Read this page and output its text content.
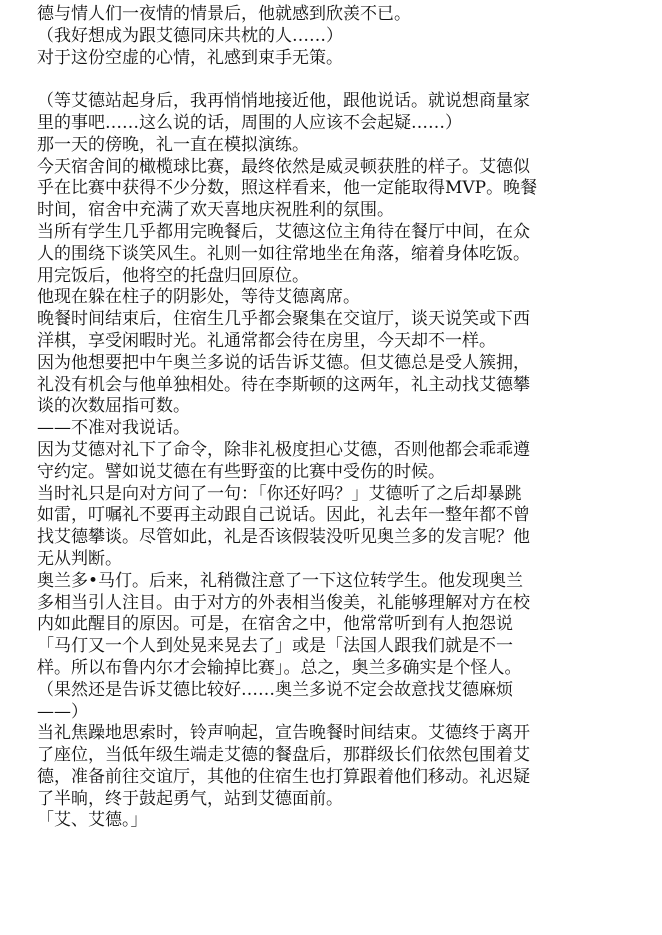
德与情人们一夜情的情景后，他就感到欣羡不已。
（我好想成为跟艾德同床共枕的人……）
对于这份空虚的心情，礼感到束手无策。
（等艾德站起身后，我再悄悄地接近他，跟他说话。就说想商量家
里的事吧……这么说的话，周围的人应该不会起疑……）
那一天的傍晚，礼一直在模拟演练。
今天宿舍间的橄榄球比赛，最终依然是威灵顿获胜的样子。艾德似
乎在比赛中获得不少分数，照这样看来，他一定能取得MVP。晚餐
时间，宿舍中充满了欢天喜地庆祝胜利的氛围。
当所有学生几乎都用完晚餐后，艾德这位主角待在餐厅中间，在众
人的围绕下谈笑风生。礼则一如往常地坐在角落，缩着身体吃饭。
用完饭后，他将空的托盘归回原位。
他现在躲在柱子的阴影处，等待艾德离席。
晚餐时间结束后，住宿生几乎都会聚集在交谊厅，谈天说笑或下西
洋棋，享受闲暇时光。礼通常都会待在房里，今天却不一样。
因为他想要把中午奥兰多说的话告诉艾德。但艾德总是受人簇拥，
礼没有机会与他单独相处。待在李斯顿的这两年，礼主动找艾德攀
谈的次数屈指可数。
——不准对我说话。
因为艾德对礼下了命令，除非礼极度担心艾德，否则他都会乖乖遵
守约定。譬如说艾德在有些野蛮的比赛中受伤的时候。
当时礼只是向对方问了一句：「你还好吗？」艾德听了之后却暴跳
如雷，叮嘱礼不要再主动跟自己说话。因此，礼去年一整年都不曾
找艾德攀谈。尽管如此，礼是否该假装没听见奥兰多的发言呢？他
无从判断。
奥兰多•马仃。后来，礼稍微注意了一下这位转学生。他发现奥兰
多相当引人注目。由于对方的外表相当俊美，礼能够理解对方在校
内如此醒目的原因。可是，在宿舍之中，他常常听到有人抱怨说
「马仃又一个人到处晃来晃去了」或是「法国人跟我们就是不一
样。所以布鲁内尔才会输掉比赛」。总之，奥兰多确实是个怪人。
（果然还是告诉艾德比较好……奥兰多说不定会故意找艾德麻烦
——）
当礼焦躁地思索时，铃声响起，宣告晚餐时间结束。艾德终于离开
了座位，当低年级生端走艾德的餐盘后，那群级长们依然包围着艾
德，准备前往交谊厅，其他的住宿生也打算跟着他们移动。礼迟疑
了半晌，终于鼓起勇气，站到艾德面前。
「艾、艾德。」
